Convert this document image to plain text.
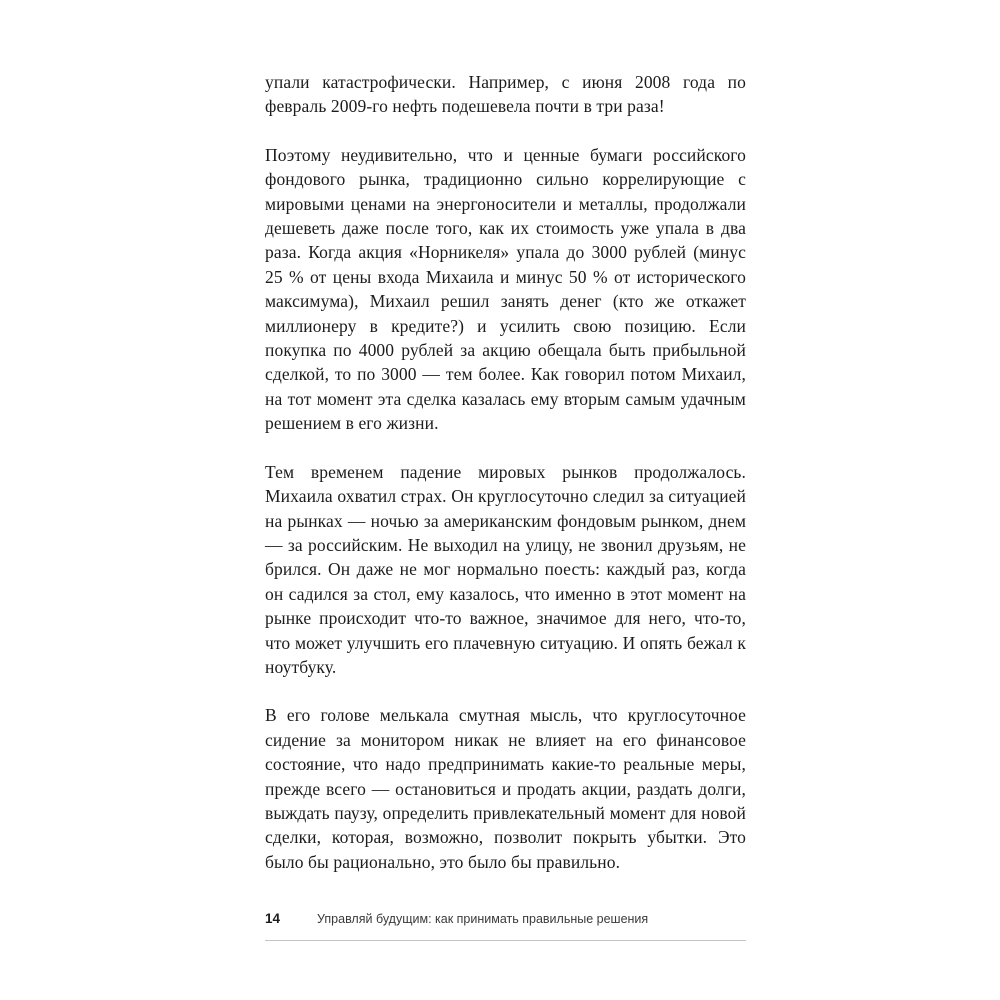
упали катастрофически. Например, с июня 2008 года по февраль 2009-го нефть подешевела почти в три раза!

Поэтому неудивительно, что и ценные бумаги российского фондового рынка, традиционно сильно коррелирующие с мировыми ценами на энергоносители и металлы, продолжали дешеветь даже после того, как их стоимость уже упала в два раза. Когда акция «Норникеля» упала до 3000 рублей (минус 25 % от цены входа Михаила и минус 50 % от исторического максимума), Михаил решил занять денег (кто же откажет миллионеру в кредите?) и усилить свою позицию. Если покупка по 4000 рублей за акцию обещала быть прибыльной сделкой, то по 3000 — тем более. Как говорил потом Михаил, на тот момент эта сделка казалась ему вторым самым удачным решением в его жизни.

Тем временем падение мировых рынков продолжалось. Михаила охватил страх. Он круглосуточно следил за ситуацией на рынках — ночью за американским фондовым рынком, днем — за российским. Не выходил на улицу, не звонил друзьям, не брился. Он даже не мог нормально поесть: каждый раз, когда он садился за стол, ему казалось, что именно в этот момент на рынке происходит что-то важное, значимое для него, что-то, что может улучшить его плачевную ситуацию. И опять бежал к ноутбуку.

В его голове мелькала смутная мысль, что круглосуточное сидение за монитором никак не влияет на его финансовое состояние, что надо предпринимать какие-то реальные меры, прежде всего — остановиться и продать акции, раздать долги, выждать паузу, определить привлекательный момент для новой сделки, которая, возможно, позволит покрыть убытки. Это было бы рационально, это было бы правильно.

14	Управляй будущим: как принимать правильные решения
